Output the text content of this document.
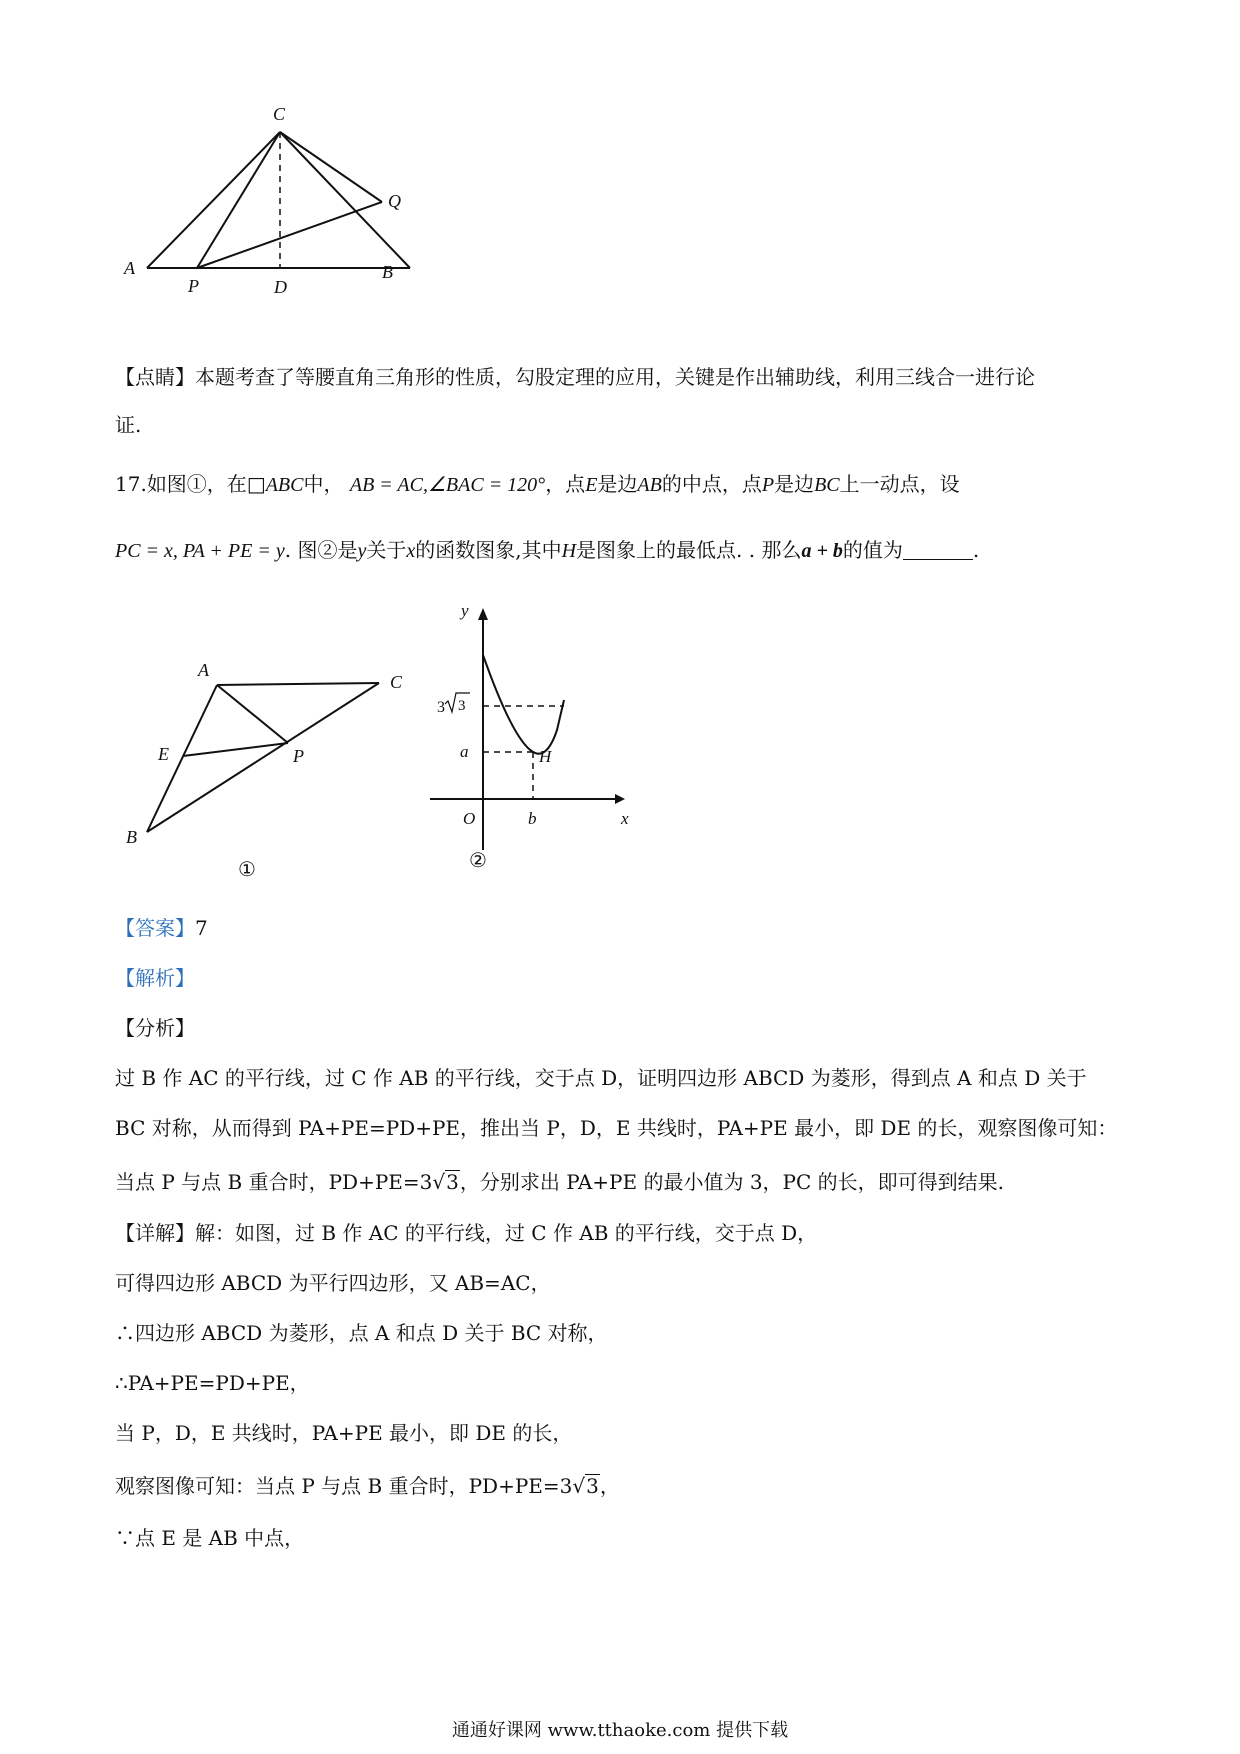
C
Q
A	B
P	D
【点睛】本题考查了等腰直角三角形的性质，勾股定理的应用，关键是作出辅助线，利用三线合一进行论
证.
17.如图①，在□ABC中， AB = AC,∠BAC = 120°，点E是边AB的中点，点P是边BC上一动点，设
PC = x, PA + PE = y. 图②是y关于x的函数图象,其中H是图象上的最低点. . 那么a + b的值为	.
A
C
E	P
B
①
y
x
O	b
a	H
3 3
②
【答案】7
【解析】
【分析】
过 B 作 AC 的平行线，过 C 作 AB 的平行线，交于点 D，证明四边形 ABCD 为菱形，得到点 A 和点 D 关于
BC 对称，从而得到 PA+PE=PD+PE，推出当 P，D，E 共线时，PA+PE 最小，即 DE 的长，观察图像可知：
当点 P 与点 B 重合时，PD+PE=3√3，分别求出 PA+PE 的最小值为 3，PC 的长，即可得到结果.
【详解】解：如图，过 B 作 AC 的平行线，过 C 作 AB 的平行线，交于点 D，
可得四边形 ABCD 为平行四边形，又 AB=AC，
∴四边形 ABCD 为菱形，点 A 和点 D 关于 BC 对称，
∴PA+PE=PD+PE，
当 P，D，E 共线时，PA+PE 最小，即 DE 的长，
观察图像可知：当点 P 与点 B 重合时，PD+PE=3√3，
∵点 E 是 AB 中点，
通通好课网 www.tthaoke.com 提供下载
